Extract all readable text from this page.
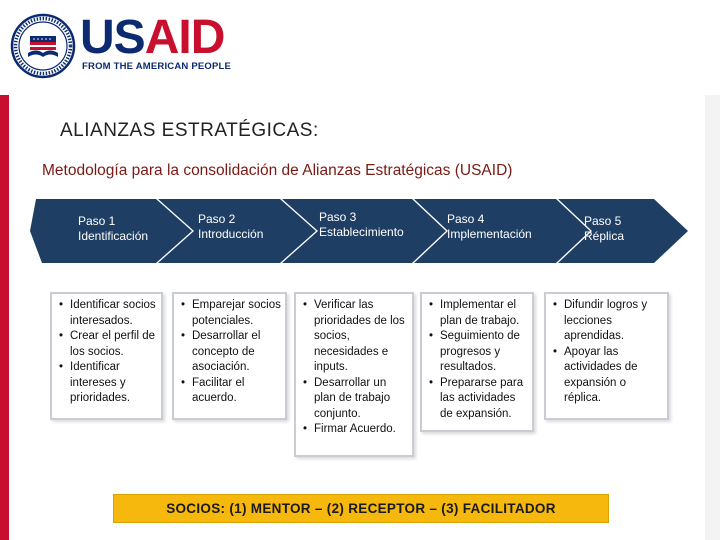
USAID
FROM THE AMERICAN PEOPLE
ALIANZAS ESTRATÉGICAS:
Metodología para la consolidación de Alianzas Estratégicas (USAID)
Paso 1
Identificación
Paso 2
Introducción
Paso 3
Establecimiento
Paso 4
Implementación
Paso 5
Réplica
• Identificar socios interesados.
• Crear el perfil de los socios.
• Identificar intereses y prioridades.
• Emparejar socios potenciales.
• Desarrollar el concepto de asociación.
• Facilitar el acuerdo.
• Verificar las prioridades de los socios, necesidades e inputs.
• Desarrollar un plan de trabajo conjunto.
• Firmar Acuerdo.
• Implementar el plan de trabajo.
• Seguimiento de progresos y resultados.
• Prepararse para las actividades de expansión.
• Difundir logros y lecciones aprendidas.
• Apoyar las actividades de expansión o réplica.
SOCIOS: (1) MENTOR – (2) RECEPTOR – (3) FACILITADOR
